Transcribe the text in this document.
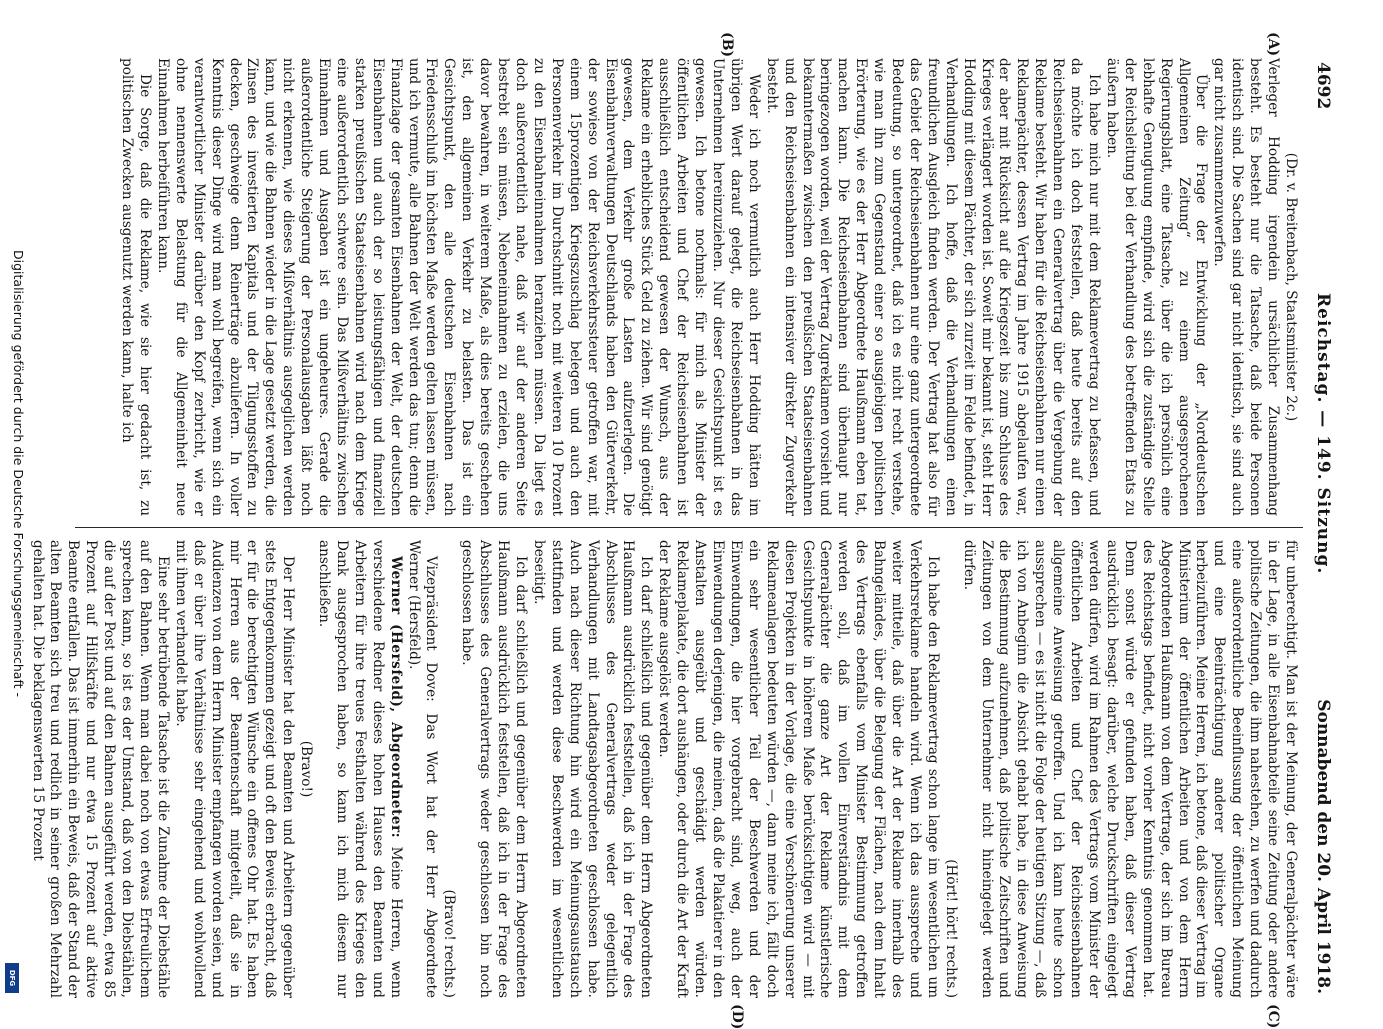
4692
Reichstag. — 149. Sitzung.
Sonnabend den 20. April 1918.
(A)
(B)
(C)
(D)

(Dr. v. Breitenbach, Staatsminister 2c.)

Verleger Hodding irgendein ursächlicher Zusammenhang besteht. Es besteht nur die Tatsache, daß beide Personen identisch sind. Die Sachen sind gar nicht identisch, sie sind auch gar nicht zusammenzuwerfen.

Über die Frage der Entwicklung der „Norddeutschen Allgemeinen Zeitung“ zu einem ausgesprochenen Regierungsblatt, eine Tatsache, über die ich persönlich eine lebhafte Genugtuung empfinde, wird sich die zuständige Stelle der Reichsleitung bei der Verhandlung des betreffenden Etats zu äußern haben.

Ich habe mich nur mit dem Reklamevertrag zu befassen, und da möchte ich doch feststellen, daß heute bereits auf den Reichseisenbahnen ein Generalvertrag über die Vergebung der Reklame besteht. Wir haben für die Reichseisenbahnen nur einen Reklamepächter, dessen Vertrag im Jahre 1915 abgelaufen war, der aber mit Rücksicht auf die Kriegszeit bis zum Schlusse des Krieges verlängert worden ist. Soweit mir bekannt ist, steht Herr Hodding mit diesem Pächter, der sich zurzeit im Felde befindet, in Verhandlungen. Ich hoffe, daß die Verhandlungen einen freundlichen Ausgleich finden werden. Der Vertrag hat also für das Gebiet der Reichseisenbahnen nur eine ganz untergeordnete Bedeutung, so untergeordnet, daß ich es nicht recht verstehe, wie man ihn zum Gegenstand einer so ausgiebigen politischen Erörterung, wie es der Herr Abgeordnete Haußmann eben tat, machen kann. Die Reichseisenbahnen sind überhaupt nur beringezogen worden, weil der Vertrag Zugreklamen vorsieht und bekanntermaßen zwischen den preußischen Staatseisenbahnen und den Reichseisenbahnen ein intensiver direkter Zugverkehr besteht.

Weder ich noch vermutlich auch Herr Hodding hätten im übrigen Wert darauf gelegt, die Reichseisenbahnen in das Unternehmen hereinzuziehen. Nur dieser Gesichtspunkt ist es gewesen. Ich betone nochmals: für mich als Minister der öffentlichen Arbeiten und Chef der Reichseisenbahnen ist ausschließlich entscheidend gewesen der Wunsch, aus der Reklame ein erhebliches Stück Geld zu ziehen. Wir sind genötigt gewesen, dem Verkehr große Lasten aufzuerlegen. Die Eisenbahnverwaltungen Deutschlands haben den Güterverkehr, der sowieso von der Reichsverkehrssteuer getroffen war, mit einem 15prozentigen Kriegszuschlag belegen und auch den Personenverkehr im Durchschnitt noch mit weiteren 10 Prozent zu den Eisenbahneinnahmen heranziehen müssen. Da liegt es doch außerordentlich nahe, daß wir auf der anderen Seite bestrebt sein müssen, Nebeneinnahmen zu erzielen, die uns davor bewahren, in weiterem Maße, als dies bereits geschehen ist, den allgemeinen Verkehr zu belasten. Das ist ein Gesichtspunkt, den alle deutschen Eisenbahnen nach Friedensschluß im höchsten Maße werden gelten lassen müssen, und ich vermute, alle Bahnen der Welt werden das tun; denn die Finanzlage der gesamten Eisenbahnen der Welt, der deutschen Eisenbahnen und auch der so leistungsfähigen und finanziell starken preußischen Staatseisenbahnen wird nach dem Kriege eine außerordentlich schwere sein. Das Mißverhältnis zwischen Einnahmen und Ausgaben ist ein ungeheures. Gerade die außerordentliche Steigerung der Personalausgaben läßt noch nicht erkennen, wie dieses Mißverhältnis ausgeglichen werden kann, und wie die Bahnen wieder in die Lage gesetzt werden, die Zinsen des investierten Kapitals und der Tilgungsstoffen zu decken, geschweige denn Reinerträge abzuliefern. In voller Kenntnis dieser Dinge wird man wohl begreifen, wenn sich ein verantwortlicher Minister darüber den Kopf zerbricht, wie er ohne nennenswerte Belastung für die Allgemeinheit neue Einnahmen herbeiführen kann.

Die Sorge, daß die Reklame, wie sie hier gedacht ist, zu politischen Zwecken ausgenutzt werden kann, halte ich

für unberechtigt. Man ist der Meinung, der Generalpächter wäre in der Lage, in alle Eisenbahnabteile seine Zeitung oder andere politische Zeitungen, die ihm nahestehen, zu werfen und dadurch eine außerordentliche Beeinflussung der öffentlichen Meinung und eine Beeinträchtigung anderer politischer Organe herbeizuführen. Meine Herren, ich betone, daß dieser Vertrag im Ministerium der öffentlichen Arbeiten und von dem Herrn Abgeordneten Haußmann von dem Vertrage, der sich im Bureau des Reichstags befindet, nicht vorher Kenntnis genommen hat. Denn sonst würde er gefunden haben, daß dieser Vertrag ausdrücklich besagt: darüber, welche Druckschriften eingelegt werden dürfen, wird im Rahmen des Vertrags vom Minister der öffentlichen Arbeiten und Chef der Reichseisenbahnen allgemeine Anweisung getroffen. Und ich kann heute schon aussprechen — es ist nicht die Folge der heutigen Sitzung —, daß ich von Anbeginn die Absicht gehabt habe, in diese Anweisung die Bestimmung aufzunehmen, daß politische Zeitschriften und Zeitungen von dem Unternehmer nicht hineingelegt werden dürfen.

(Hört! hört! rechts.)

Ich habe den Reklamevertrag schon lange im wesentlichen um Verkehrsreklame handeln wird. Wenn ich das ausspreche und weiter mitteile, daß über die Art der Reklame innerhalb des Bahngeländes, über die Belegung der Flächen, nach dem Inhalt des Vertrags ebenfalls vom Minister Bestimmung getroffen werden soll, daß im vollen Einverständnis mit dem Generalpächter die ganze Art der Reklame künstlerische Gesichtspunkte in höherem Maße berücksichtigen wird — mit diesen Projekten in der Vorlage, die eine Verschönerung unserer Reklameanlagen bedeuten würden —, dann meine ich, fällt doch ein sehr wesentlicher Teil der Beschwerden und der Einwendungen, die hier vorgebracht sind, weg, auch der Einwendungen derjenigen, die meinen, daß die Plakatierer in den Anstalten ausgeübt und geschädigt werden würden. Reklameplakate, die dort aushängen, oder durch die Art der Kraft der Reklame ausgelöst werden.

Ich darf schließlich und gegenüber dem Herrn Abgeordneten Haußmann ausdrücklich feststellen, daß ich in der Frage des Abschlusses des Generalvertrags weder gelegentlich Verhandlungen mit Landtagsabgeordneten geschlossen habe. Auch nach dieser Richtung hin wird ein Meinungsaustausch stattfinden und werden diese Beschwerden im wesentlichen beseitigt.

Ich darf schließlich und gegenüber dem Herrn Abgeordneten Haußmann ausdrücklich feststellen, daß ich in der Frage des Abschlusses des Generalvertrags weder geschlossen bin noch geschlossen habe.

(Bravo! rechts.)

Vizepräsident Dove: Das Wort hat der Herr Abgeordnete Werner (Hersfeld).

Werner (Hersfeld), Abgeordneter: Meine Herren, wenn verschiedene Redner dieses hohen Hauses den Beamten und Arbeitern für ihre treues Festhalten während des Krieges den Dank ausgesprochen haben, so kann ich mich diesem nur anschließen.

(Bravo!)

Der Herr Minister hat den Beamten und Arbeitern gegenüber stets Entgegenkommen gezeigt und oft den Beweis erbracht, daß er für die berechtigten Wünsche ein offenes Ohr hat. Es haben mir Herren aus der Beamtenschaft mitgeteilt, daß sie in Audienzen von dem Herrn Minister empfangen worden seien, und daß er über ihre Verhältnisse sehr eingehend und wohlwollend mit ihnen verhandelt habe.

Eine sehr betrübende Tatsache ist die Zunahme der Diebstähle auf den Bahnen. Wenn man dabei noch von etwas Erfreulichem sprechen kann, so ist es der Umstand, daß von den Diebstählen, die auf der Post und auf den Bahnen ausgeführt werden, etwa 85 Prozent auf Hilfskräfte und nur etwa 15 Prozent auf aktive Beamte entfallen. Das ist immerhin ein Beweis, daß der Stand der alten Beamten sich treu und redlich in seiner großen Mehrzahl gehalten hat. Die beklagenswerten 15 Prozent

Digitalisierung gefördert durch die Deutsche Forschungsgemeinschaft -
DFG
